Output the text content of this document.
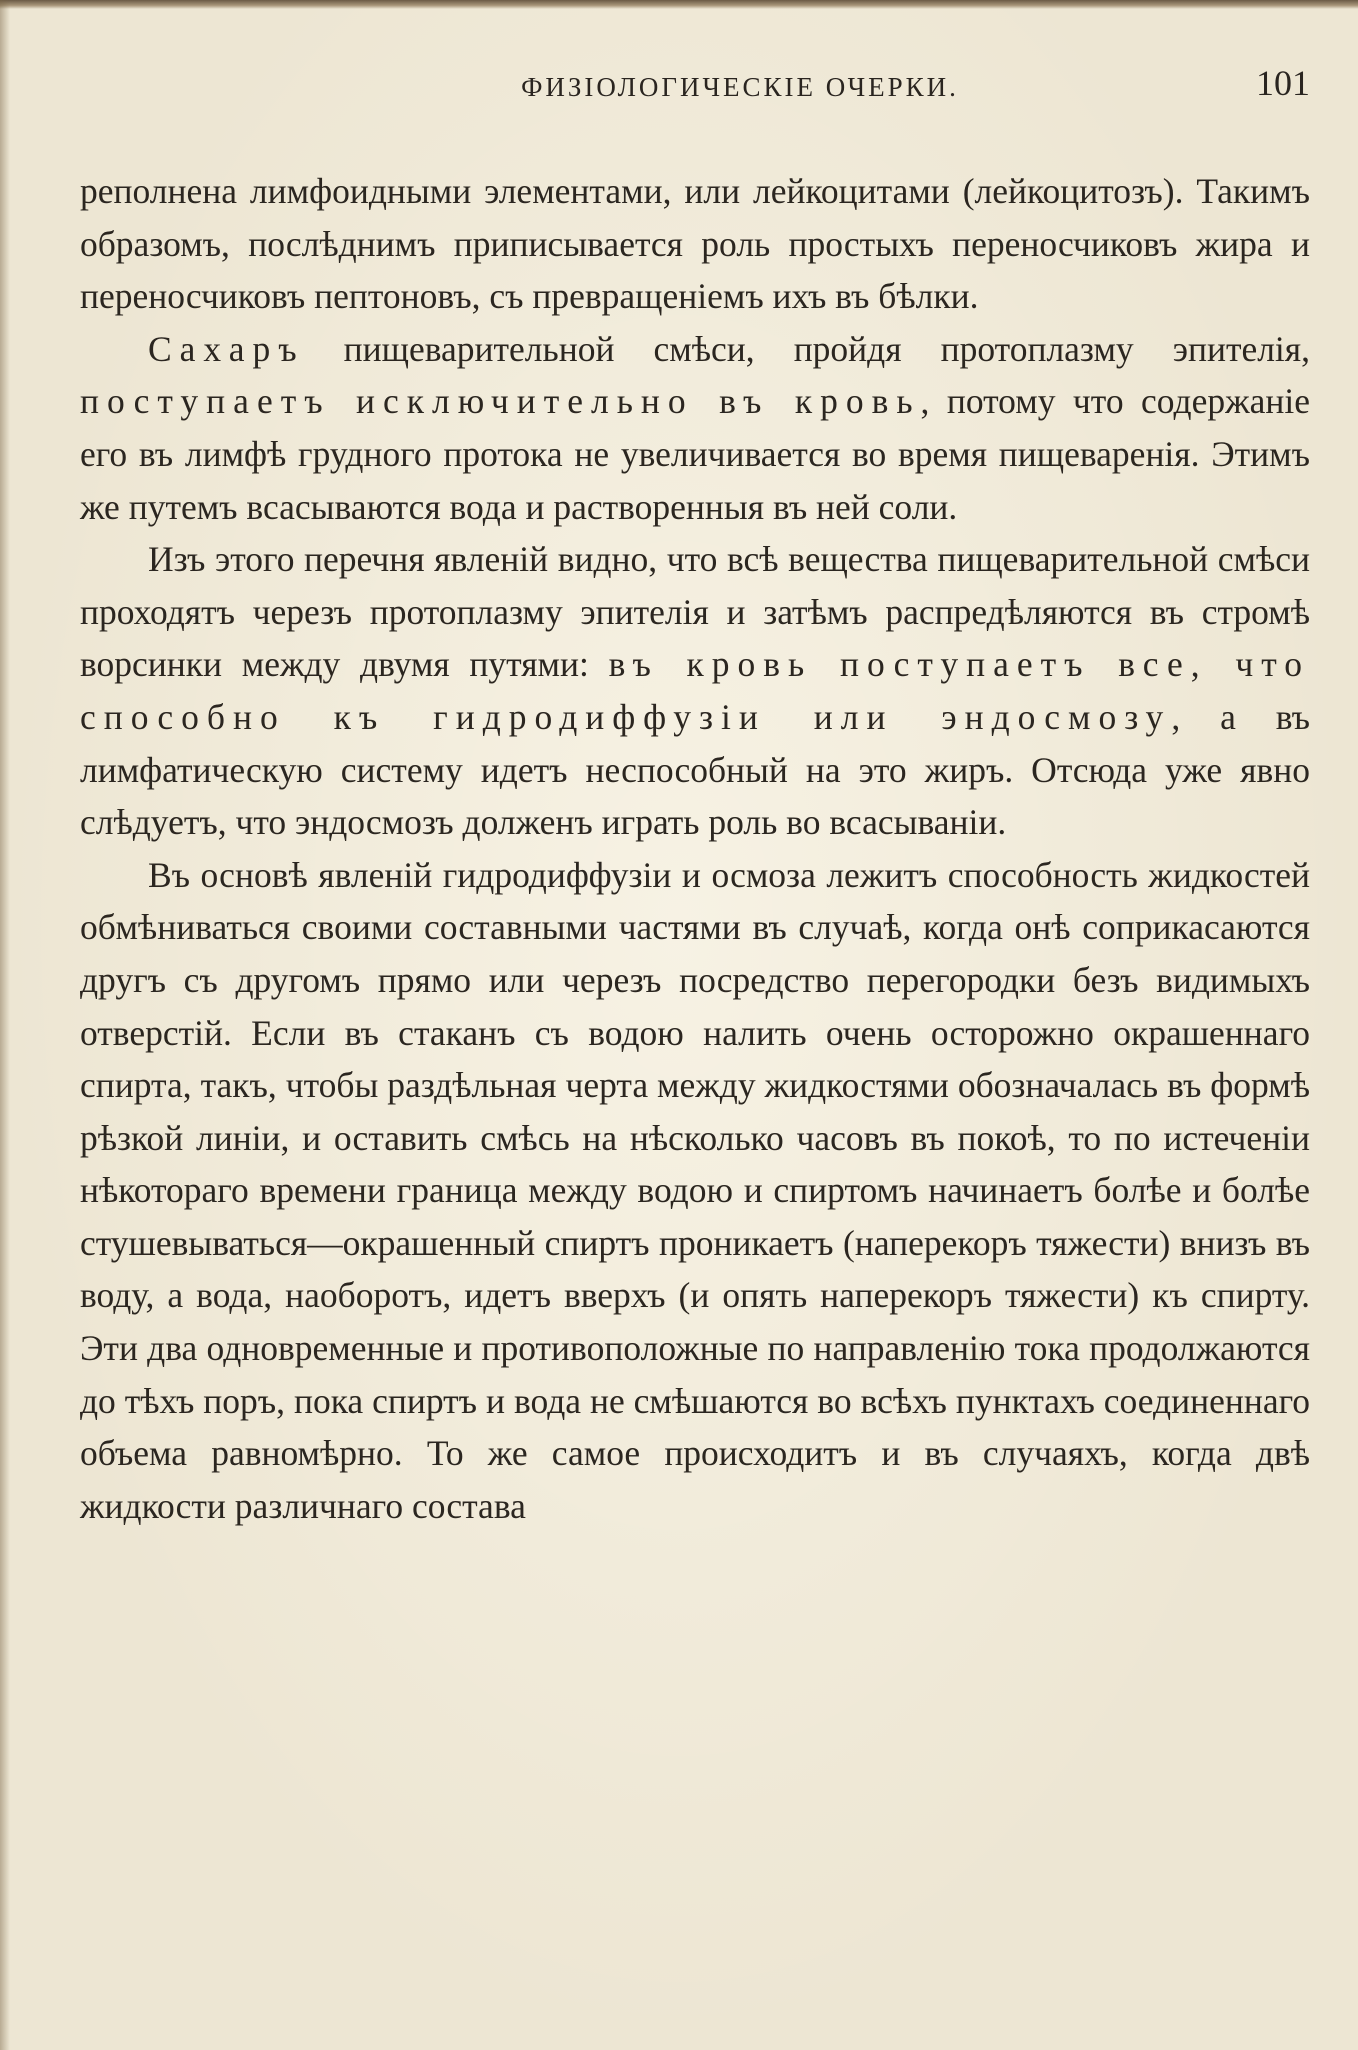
ФИЗІОЛОГИЧЕСКІЕ ОЧЕРКИ.	101

реполнена лимфоидными элементами, или лейкоцитами (лейкоцитозъ). Такимъ образомъ, послѣднимъ приписывается роль простыхъ переносчиковъ жира и переносчиковъ пептоновъ, съ превращеніемъ ихъ въ бѣлки.

Сахаръ пищеварительной смѣси, пройдя протоплазму эпителія, поступаетъ исключительно въ кровь, потому что содержаніе его въ лимфѣ грудного протока не увеличивается во время пищеваренія. Этимъ же путемъ всасываются вода и растворенныя въ ней соли.

Изъ этого перечня явленій видно, что всѣ вещества пищеварительной смѣси проходятъ черезъ протоплазму эпителія и затѣмъ распредѣляются въ стромѣ ворсинки между двумя путями: въ кровь поступаетъ все, что способно къ гидродиффузіи или эндосмозу, а въ лимфатическую систему идетъ неспособный на это жиръ. Отсюда уже явно слѣдуетъ, что эндосмозъ долженъ играть роль во всасываніи.

Въ основѣ явленій гидродиффузіи и осмоза лежитъ способность жидкостей обмѣниваться своими составными частями въ случаѣ, когда онѣ соприкасаются другъ съ другомъ прямо или черезъ посредство перегородки безъ видимыхъ отверстій. Если въ стаканъ съ водою налить очень осторожно окрашеннаго спирта, такъ, чтобы раздѣльная черта между жидкостями обозначалась въ формѣ рѣзкой линіи, и оставить смѣсь на нѣсколько часовъ въ покоѣ, то по истеченіи нѣкотораго времени граница между водою и спиртомъ начинаетъ болѣе и болѣе стушевываться—окрашенный спиртъ проникаетъ (наперекоръ тяжести) внизъ въ воду, а вода, наоборотъ, идетъ вверхъ (и опять наперекоръ тяжести) къ спирту. Эти два одновременные и противоположные по направленію тока продолжаются до тѣхъ поръ, пока спиртъ и вода не смѣшаются во всѣхъ пунктахъ соединеннаго объема равномѣрно. То же самое происходитъ и въ случаяхъ, когда двѣ жидкости различнаго состава
